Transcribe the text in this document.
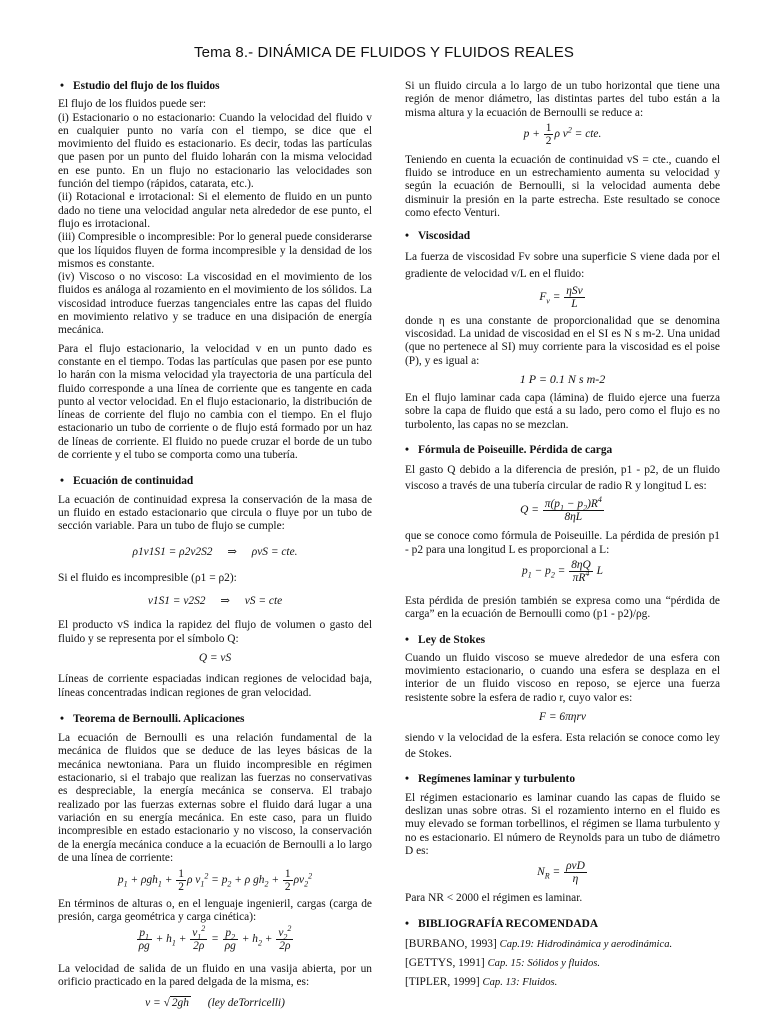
Tema 8.- DINÁMICA DE FLUIDOS Y FLUIDOS REALES

• Estudio del flujo de los fluidos

El flujo de los fluidos puede ser:

(i) Estacionario o no estacionario: Cuando la velocidad del fluido v en cualquier punto no varía con el tiempo, se dice que el movimiento del fluido es estacionario. Es decir, todas las partículas que pasen por un punto del fluido loharán con la misma velocidad en ese punto. En un flujo no estacionario las velocidades son función del tiempo (rápidos, catarata, etc.).

(ii) Rotacional e irrotacional: Si el elemento de fluido en un punto dado no tiene una velocidad angular neta alrededor de ese punto, el flujo es irrotacional.

(iii) Compresible o incompresible: Por lo general puede considerarse que los líquidos fluyen de forma incompresible y la densidad de los mismos es constante.

(iv) Viscoso o no viscoso: La viscosidad en el movimiento de los fluidos es análoga al rozamiento en el movimiento de los sólidos. La viscosidad introduce fuerzas tangenciales entre las capas del fluido en movimiento relativo y se traduce en una disipación de energía mecánica.

Para el flujo estacionario, la velocidad v en un punto dado es constante en el tiempo. Todas las partículas que pasen por ese punto lo harán con la misma velocidad yla trayectoria de una partícula del fluido corresponde a una línea de corriente que es tangente en cada punto al vector velocidad. En el flujo estacionario, la distribución de líneas de corriente del flujo no cambia con el tiempo. En el flujo estacionario un tubo de corriente o de flujo está formado por un haz de líneas de corriente. El fluido no puede cruzar el borde de un tubo de corriente y el tubo se comporta como una tubería.

• Ecuación de continuidad

La ecuación de continuidad expresa la conservación de la masa de un fluido en estado estacionario que circula o fluye por un tubo de sección variable. Para un tubo de flujo se cumple:

ρ1v1S1 = ρ2v2S2 ⇒ ρvS = cte.

Si el fluido es incompresible (ρ1 = ρ2):

v1S1 = v2S2 ⇒ vS = cte

El producto vS indica la rapidez del flujo de volumen o gasto del fluido y se representa por el símbolo Q:

Q = vS

Líneas de corriente espaciadas indican regiones de velocidad baja, líneas concentradas indican regiones de gran velocidad.

• Teorema de Bernoulli. Aplicaciones

La ecuación de Bernoulli es una relación fundamental de la mecánica de fluidos que se deduce de las leyes básicas de la mecánica newtoniana. Para un fluido incompresible en régimen estacionario, si el trabajo que realizan las fuerzas no conservativas es despreciable, la energía mecánica se conserva. El trabajo realizado por las fuerzas externas sobre el fluido dará lugar a una variación en su energía mecánica. En este caso, para un fluido incompresible en estado estacionario y no viscoso, la conservación de la energía mecánica conduce a la ecuación de Bernoulli a lo largo de una línea de corriente:

$p_1 + \rho gh_1 + \frac{1}{2}$ ρ $v_1^2 = p_2 + \rho$ $gh_2 + \frac{1}{2} \rho v_2^2$

En términos de alturas o, en el lenguaje ingenieril, cargas (carga de presión, carga geométrica y carga cinética):

$\frac{p_1}{\rho g} + h_1 + \frac{v_1^2}{2\rho} = \frac{p_2}{\rho g} + h_2 + \frac{v_2^2}{2\rho}$

La velocidad de salida de un fluido en una vasija abierta, por un orificio practicado en la pared delgada de la misma, es:

v = √ 2gh (ley deTorricelli)

Si un fluido circula a lo largo de un tubo horizontal que tiene una región de menor diámetro, las distintas partes del tubo están a la misma altura y la ecuación de Bernoulli se reduce a:

$p + \frac{1}{2}$ ρ $v^2$ = cte.

Teniendo en cuenta la ecuación de continuidad vS = cte., cuando el fluido se introduce en un estrechamiento aumenta su velocidad y según la ecuación de Bernoulli, si la velocidad aumenta debe disminuir la presión en la parte estrecha. Este resultado se conoce como efecto Venturi.

• Viscosidad

La fuerza de viscosidad Fv sobre una superficie S viene dada por el gradiente de velocidad v/L en el fluido:

$F_v = \frac{\text{ηSv}}{L}$

donde η es una constante de proporcionalidad que se denomina viscosidad. La unidad de viscosidad en el SI es N s m-2. Una unidad (que no pertenece al SI) muy corriente para la viscosidad es el poise (P), y es igual a:

1 P = 0.1 N s m-2

En el flujo laminar cada capa (lámina) de fluido ejerce una fuerza sobre la capa de fluido que está a su lado, pero como el flujo es no turbolento, las capas no se mezclan.

• Fórmula de Poiseuille. Pérdida de carga

El gasto Q debido a la diferencia de presión, p1 - p2, de un fluido viscoso a través de una tubería circular de radio R y longitud L es:

$Q = \frac{\pi(p_1 - p_2)R^4}{8\eta L}$

que se conoce como fórmula de Poiseuille. La pérdida de presión p1 - p2 para una longitud L es proporcional a L:

$p_1 - p_2 = \frac{8\eta Q}{\pi R^4}$ L

Esta pérdida de presión también se expresa como una “pérdida de carga” en la ecuación de Bernoulli como (p1 - p2)/ρg.

• Ley de Stokes

Cuando un fluido viscoso se mueve alrededor de una esfera con movimiento estacionario, o cuando una esfera se desplaza en el interior de un fluido viscoso en reposo, se ejerce una fuerza resistente sobre la esfera de radio r, cuyo valor es:

F = 6πηrv

siendo v la velocidad de la esfera. Esta relación se conoce como ley de Stokes.

• Regímenes laminar y turbulento

El régimen estacionario es laminar cuando las capas de fluido se deslizan unas sobre otras. Si el rozamiento interno en el fluido es muy elevado se forman torbellinos, el régimen se llama turbulento y no es estacionario. El número de Reynolds para un tubo de diámetro D es:

$N_R = \frac{\text{ρvD}}{\eta}$

Para NR < 2000 el régimen es laminar.

• BIBLIOGRAFÍA RECOMENDADA

[BURBANO, 1993] Cap.19: Hidrodinámica y aerodinámica.

[GETTYS, 1991] Cap. 15: Sólidos y fluidos.

[TIPLER, 1999] Cap. 13: Fluidos.
